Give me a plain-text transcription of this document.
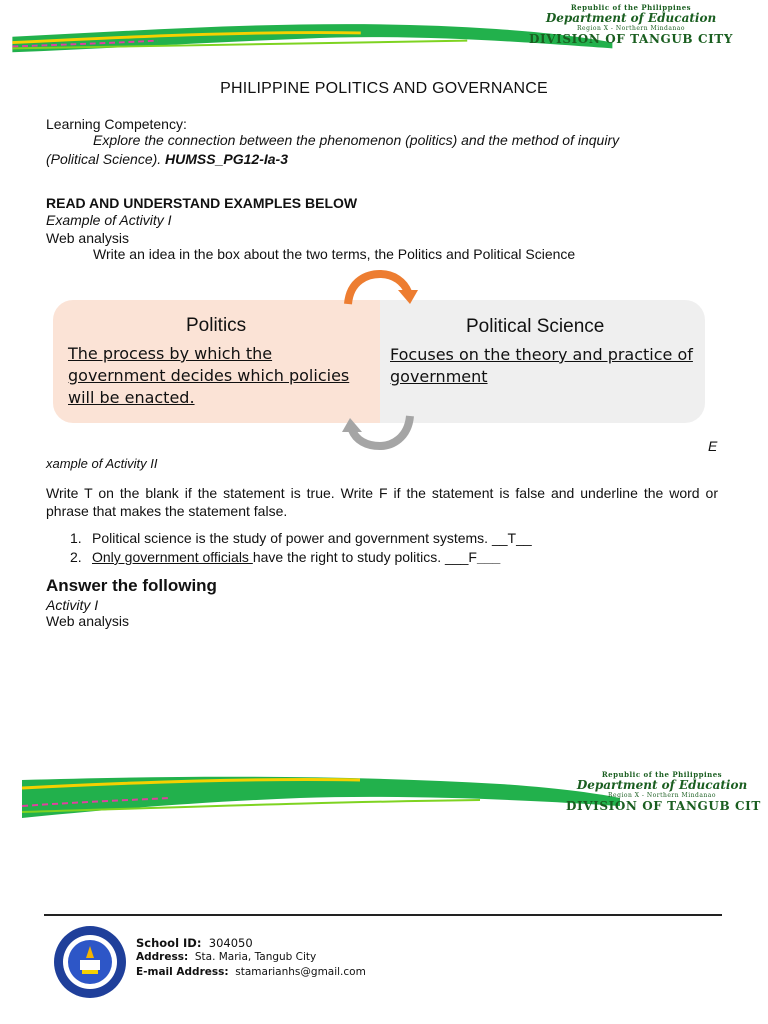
Republic of the Philippines
Department of Education
Region X - Northern Mindanao
DIVISION OF TANGUB CITY
PHILIPPINE POLITICS AND GOVERNANCE
Learning Competency:
Explore the connection between the phenomenon (politics) and the method of inquiry
(Political Science). HUMSS_PG12-Ia-3
READ AND UNDERSTAND EXAMPLES BELOW
Example of Activity I
Web analysis
Write an idea in the box about the two terms, the Politics and Political Science
Politics
The process by which the government decides which policies will be enacted.
Political Science
Focuses on the theory and practice of government
E
xample of Activity II
Write T on the blank if the statement is true. Write F if the statement is false and underline the word or phrase that makes the statement false.
1. Political science is the study of power and government systems. __T__
2. Only government officials have the right to study politics. ___F___
Answer the following
Activity I
Web analysis
Republic of the Philippines
Department of Education
Region X - Northern Mindanao
DIVISION OF TANGUB CIT
School ID: 304050
Address: Sta. Maria, Tangub City
E-mail Address: stamarianhs@gmail.com
